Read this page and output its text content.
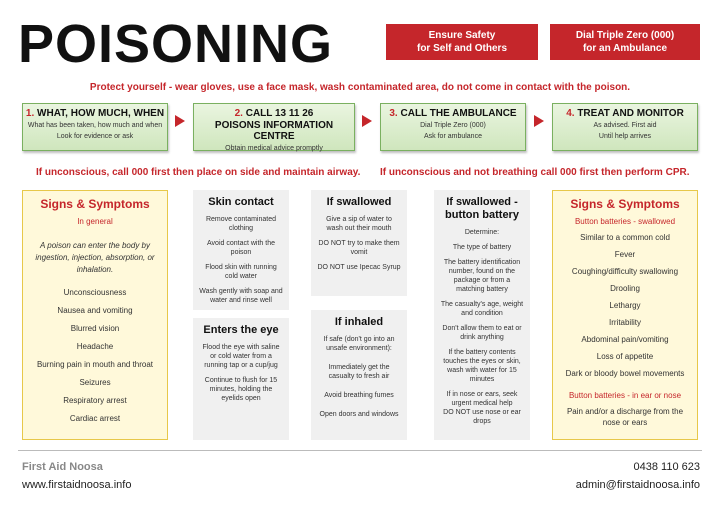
POISONING	Ensure Safety
for Self and Others
Dial Triple Zero (000)
for an Ambulance
Protect yourself - wear gloves, use a face mask, wash contaminated area, do not come in contact with the poison.
1. WHAT, HOW MUCH, WHEN
What has been taken, how much and when
Look for evidence or ask
2. CALL 13 11 26
POISONS INFORMATION CENTRE
Obtain medical advice promptly
3. CALL THE AMBULANCE
Dial Triple Zero (000)
Ask for ambulance
4. TREAT AND MONITOR
As advised. First aid
Until help arrives
If unconscious, call 000 first then place on side and maintain airway. If unconscious and not breathing call 000 first then perform CPR.
Signs & Symptoms
In general
A poison can enter the body by ingestion, injection, absorption, or inhalation.
Unconsciousness
Nausea and vomiting
Blurred vision
Headache
Burning pain in mouth and throat
Seizures
Respiratory arrest
Cardiac arrest
Skin contact
Remove contaminated clothing
Avoid contact with the poison
Flood skin with running cold water
Wash gently with soap and water and rinse well
Enters the eye
Flood the eye with saline or cold water from a running tap or a cup/jug
Continue to flush for 15 minutes, holding the eyelids open
If swallowed
Give a sip of water to wash out their mouth
DO NOT try to make them vomit
DO NOT use Ipecac Syrup
If inhaled
If safe (don't go into an unsafe environment):
Immediately get the casualty to fresh air
Avoid breathing fumes
Open doors and windows
If swallowed -
button battery
Determine:
The type of battery
The battery identification number, found on the package or from a matching battery
The casualty's age, weight and condition
Don't allow them to eat or drink anything
If the battery contents touches the eyes or skin, wash with water for 15 minutes
If in nose or ears, seek urgent medical help
DO NOT use nose or ear drops
Signs & Symptoms
Button batteries - swallowed
Similar to a common cold
Fever
Coughing/difficulty swallowing
Drooling
Lethargy
Irritability
Abdominal pain/vomiting
Loss of appetite
Dark or bloody bowel movements
Button batteries - in ear or nose
Pain and/or a discharge from the nose or ears
First Aid Noosa
www.firstaidnoosa.info
0438 110 623
admin@firstaidnoosa.info
